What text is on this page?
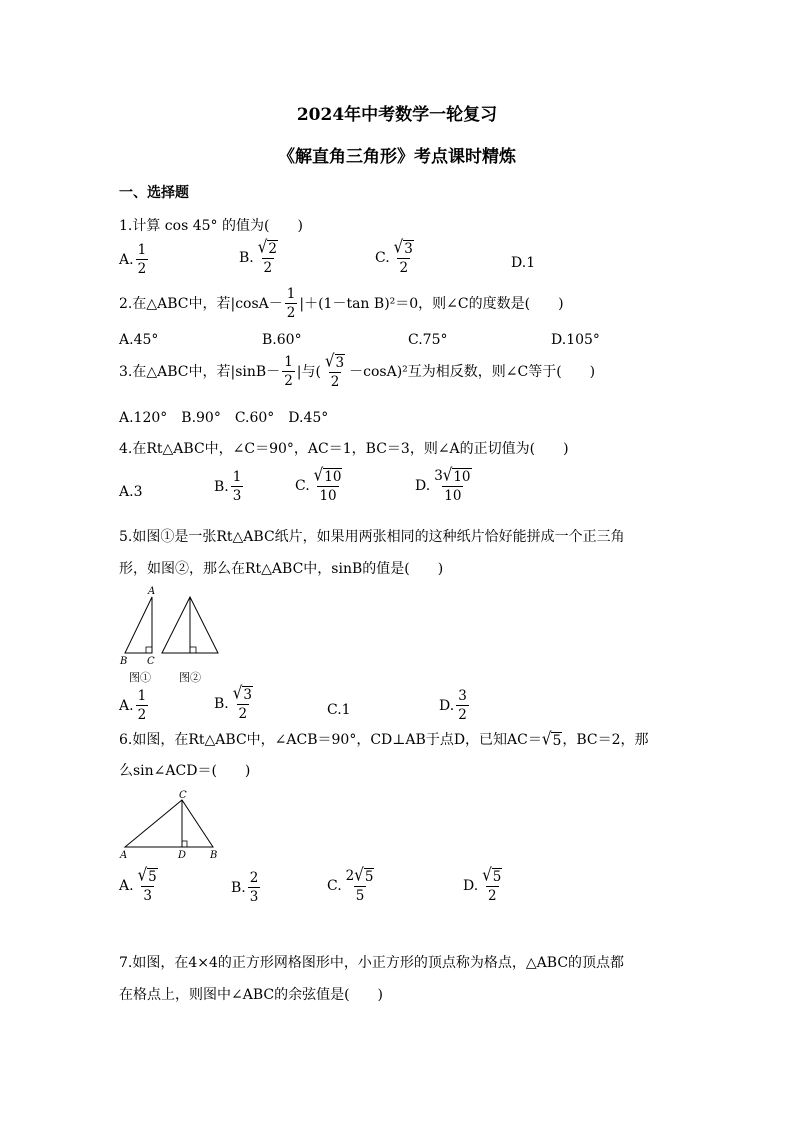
2024年中考数学一轮复习
《解直角三角形》考点课时精炼
一、选择题
1.计算 cos 45° 的值为(　　)
A. $\frac{1}{2}$	B. $\frac{√ 2}{2}$	C. $\frac{√ 3}{2}$	D.1
2.在△ABC中，若$|\cos A- \frac{1}{2} |+(1-\tan$ B)²＝0，则∠C的度数是(　　)
A.45°	B.60°	C.75°	D.105°
3.在△ABC中，若$|\sin B- \frac{1}{2}$ |与( $\frac{√ 3}{2} -\cos A)^2$互为相反数，则∠C等于(　　)
A.120°　B.90°　C.60°　D.45°
4.在Rt△ABC中，∠C＝90°，AC＝1，BC＝3，则∠A的正切值为(　　)
A.3	B. $\frac{1}{3}$	C. $\frac{√ 10}{10}$	D. $\frac{3 √ 10}{10}$
5.如图①是一张Rt△ABC纸片，如果用两张相同的这种纸片恰好能拼成一个正三角
形，如图②，那么在Rt△ABC中，sinB的值是(　　)
A
B C
图①	图②
A. $\frac{1}{2}$	B. $\frac{√ 3}{2}$	C.1	D. $\frac{3}{2}$
6.如图，在Rt△ABC中，∠ACB＝90°，CD⊥AB于点D，已知AC＝ √ 5 ，BC＝2，那
么sin∠ACD＝(　　)
C
A	D B
A. $\frac{√ 5}{3}$	B. $\frac{2}{3}$	C. $\frac{2 √ 5}{5}$	D. $\frac{√ 5}{2}$
7.如图，在4×4的正方形网格图形中，小正方形的顶点称为格点，△ABC的顶点都
在格点上，则图中∠ABC的余弦值是(　　)
